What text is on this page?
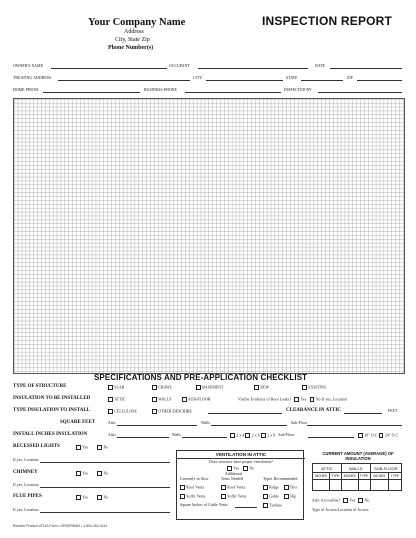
Your Company Name
Address
City, State Zip
Phone Number(s)
INSPECTION REPORT
OWNER'S NAME	OCCUPANT	DATE
TREATING ADDRESS	CITY	STATE	ZIP
HOME PHONE	BUSINESS PHONE	INSPECTED BY
SPECIFICATIONS AND PRE-APPLICATION CHECKLIST
TYPE OF STRUCTURE	SLAB	CRAWL	BASEMENT	NEW	EXISTING
INSULATION TO BE INSTALLED	ATTIC	WALLS	SUB-FLOOR	Visible Evidence of Roof Leaks? Yes No If yes, Location
TYPE INSULATION TO INSTALL	CELLULOSE	OTHER-DESCRIBE	CLEARANCE IN ATTIC	FEET
SQUARE FEET	Attic	Walls	Sub-Floor
INSTALL INCHES INSULATION	Attic	Walls	2 x 4 2 x 6 2 x 8 Sub-Floor	16" O.C 24" O.C
RECESSED LIGHTS	Yes	No
If yes, Location
CHIMNEY	Yes	No
If yes, Location
FLUE PIPES	Yes	No
If yes, Location
VENTILATION IN ATTIC
Does structure have proper ventilation?
Yes	No
Additional
Currently in Attic	Vents Needed	Types Recommended
Roof Vents	Roof Vents	Ridge	Disc
Soffit Vents	Soffit Vents	Gable	Hip
Square Inches of Gable Vents	Turbine
CURRENT AMOUNT (AVERAGE) OF INSULATION
ATTIC		WALLS		SUB-FLOOR	
INCHES	TYPE	INCHES	TYPE	INCHES	TYPE

Attic Accessible? Yes No
Type of Access/Location of Access
Reorder Product #T140-Form • ORDERMAX • 1-800-262-4411
